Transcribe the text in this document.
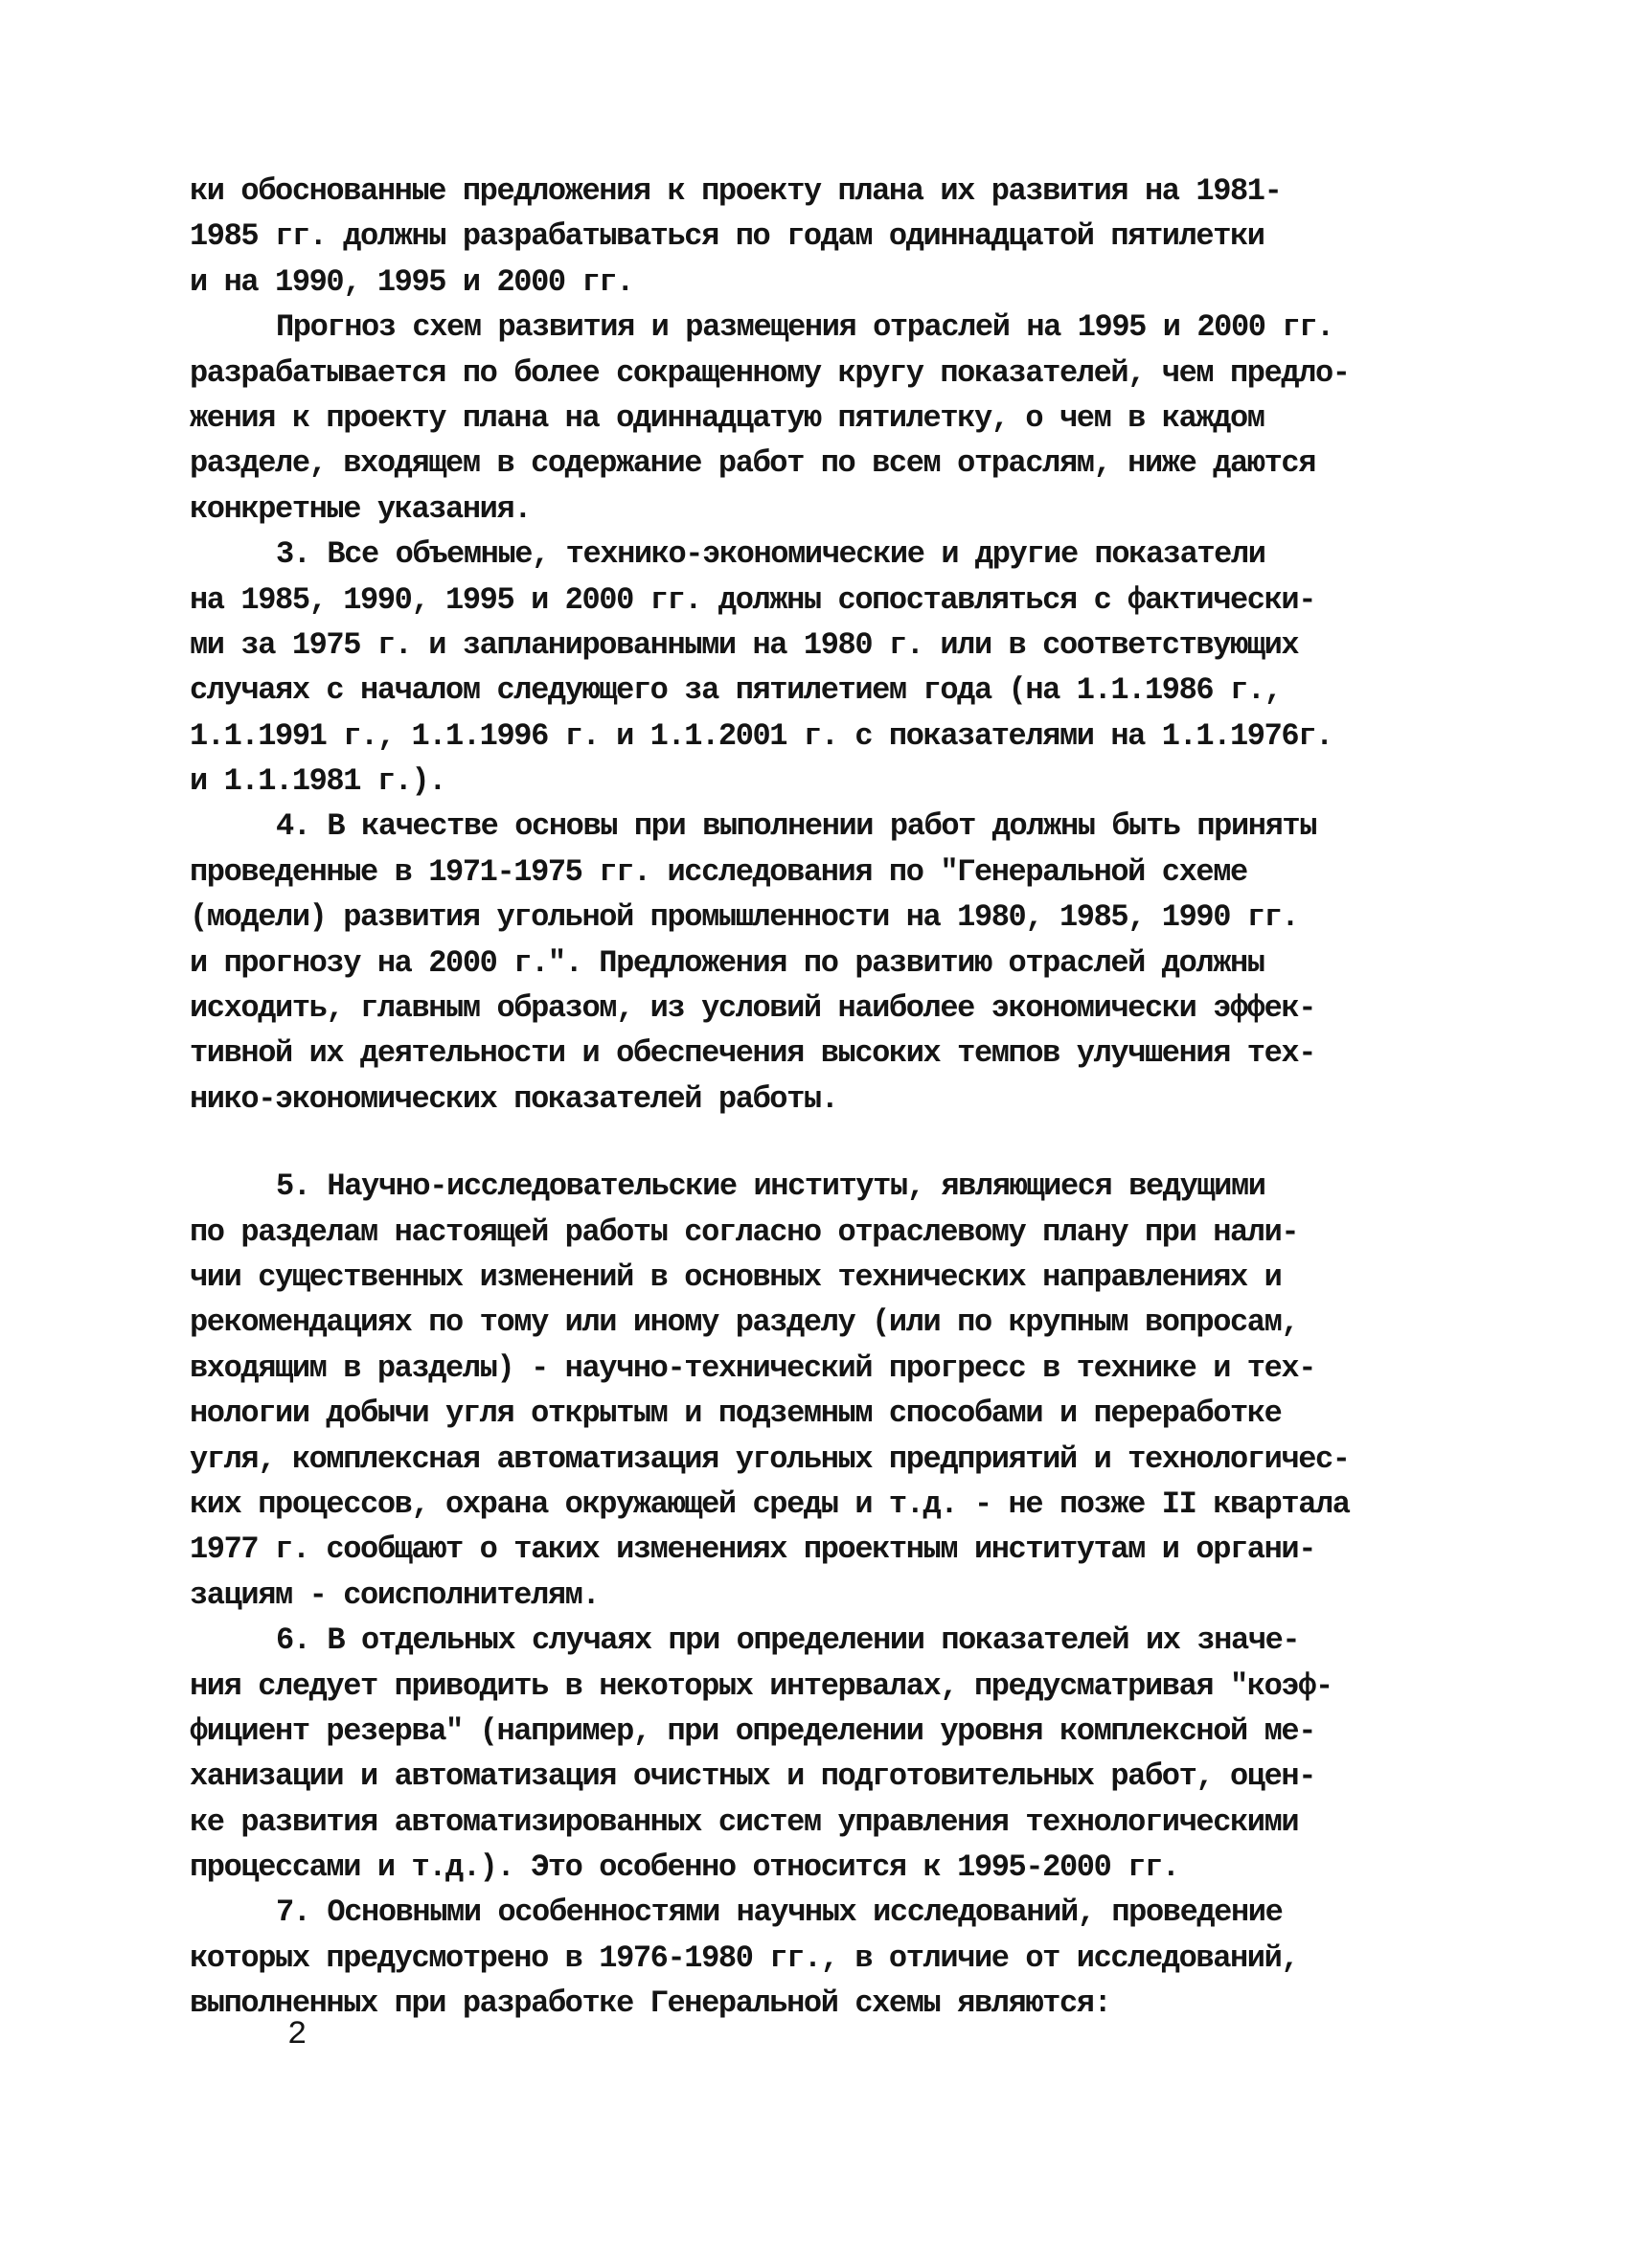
ки обоснованные предложения к проекту плана их развития на 1981-
1985 гг. должны разрабатываться по годам одиннадцатой пятилетки
и на 1990, 1995 и 2000 гг.
Прогноз схем развития и размещения отраслей на 1995 и 2000 гг.
разрабатывается по более сокращенному кругу показателей, чем предло-
жения к проекту плана на одиннадцатую пятилетку, о чем в каждом
разделе, входящем в содержание работ по всем отраслям, ниже даются
конкретные указания.
3. Все объемные, технико-экономические и другие показатели
на 1985, 1990, 1995 и 2000 гг. должны сопоставляться с фактически-
ми за 1975 г. и запланированными на 1980 г. или в соответствующих
случаях с началом следующего за пятилетием года (на 1.1.1986 г.,
1.1.1991 г., 1.1.1996 г. и 1.1.2001 г. с показателями на 1.1.1976г.
и 1.1.1981 г.).
4. В качестве основы при выполнении работ должны быть приняты
проведенные в 1971-1975 гг. исследования по "Генеральной схеме
(модели) развития угольной промышленности на 1980, 1985, 1990 гг.
и прогнозу на 2000 г.". Предложения по развитию отраслей должны
исходить, главным образом, из условий наиболее экономически эффек-
тивной их деятельности и обеспечения высоких темпов улучшения тех-
нико-экономических показателей работы.
5. Научно-исследовательские институты, являющиеся ведущими
по разделам настоящей работы согласно отраслевому плану при нали-
чии существенных изменений в основных технических направлениях и
рекомендациях по тому или иному разделу (или по крупным вопросам,
входящим в разделы) - научно-технический прогресс в технике и тех-
нологии добычи угля открытым и подземным способами и переработке
угля, комплексная автоматизация угольных предприятий и технологичес-
ких процессов, охрана окружающей среды и т.д. - не позже II квартала
1977 г. сообщают о таких изменениях проектным институтам и органи-
зациям - соисполнителям.
6. В отдельных случаях при определении показателей их значе-
ния следует приводить в некоторых интервалах, предусматривая "коэф-
фициент резерва" (например, при определении уровня комплексной ме-
ханизации и автоматизация очистных и подготовительных работ, оцен-
ке развития автоматизированных систем управления технологическими
процессами и т.д.). Это особенно относится к 1995-2000 гг.
7. Основными особенностями научных исследований, проведение
которых предусмотрено в 1976-1980 гг., в отличие от исследований,
выполненных при разработке Генеральной схемы являются:
2
